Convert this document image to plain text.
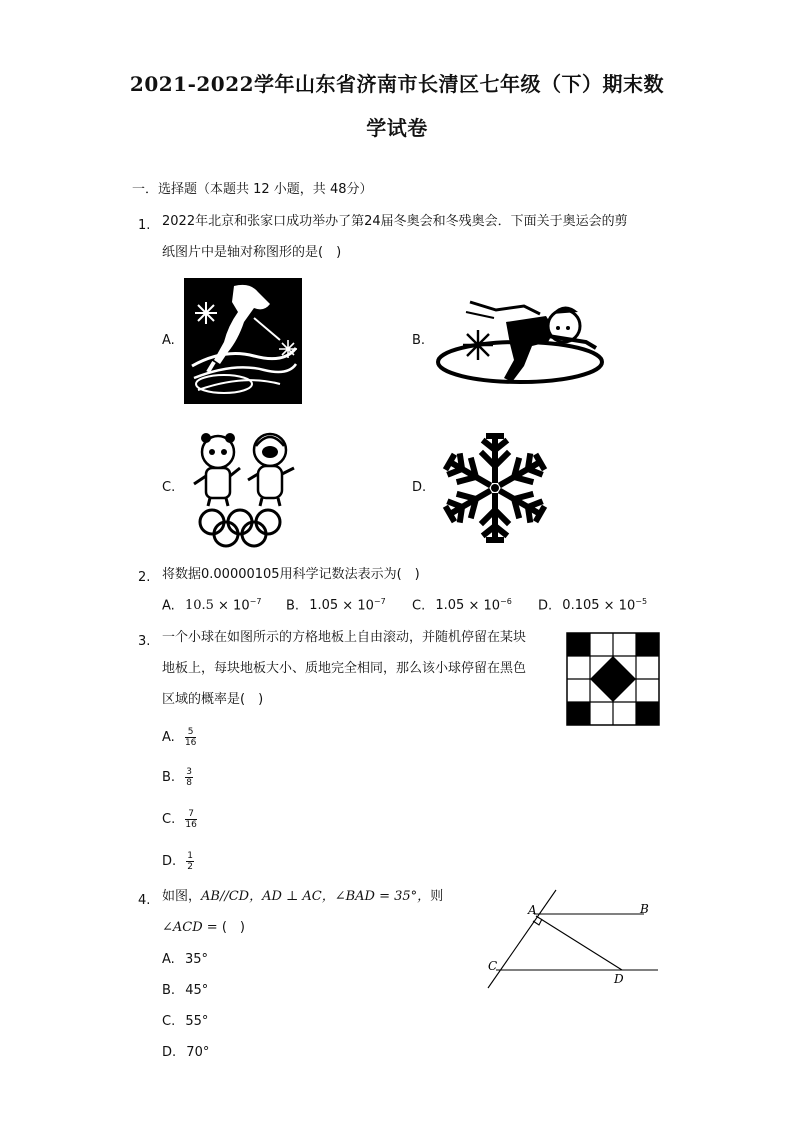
2021-2022学年山东省济南市长清区七年级（下）期末数
学试卷
一．选择题（本题共 12 小题，共 48分）
1. 2022年北京和张家口成功举办了第24届冬奥会和冬残奥会．下面关于奥运会的剪
纸图片中是轴对称图形的是(　)
A.	B.
C.	D.
2. 将数据0.00000105用科学记数法表示为(　)
A. $10.5 \times 10^{-7}$ B. $1.05 \times 10^{-7}$ C. $1.05 \times 10^{-6}$ D. $0.105 \times 10^{-5}$
3. 一个小球在如图所示的方格地板上自由滚动，并随机停留在某块
地板上，每块地板大小、质地完全相同，那么该小球停留在黑色
区域的概率是(　)
A. $\frac{5}{16}$
B. $\frac{3}{8}$
C. $\frac{7}{16}$
D. $\frac{1}{2}$
4. 如图，AB//CD，AD ⊥ AC，∠BAD = 35°，则
∠ACD = (　)
A. 35°
B. 45°
C. 55°
D. 70°
A	B
C
D
